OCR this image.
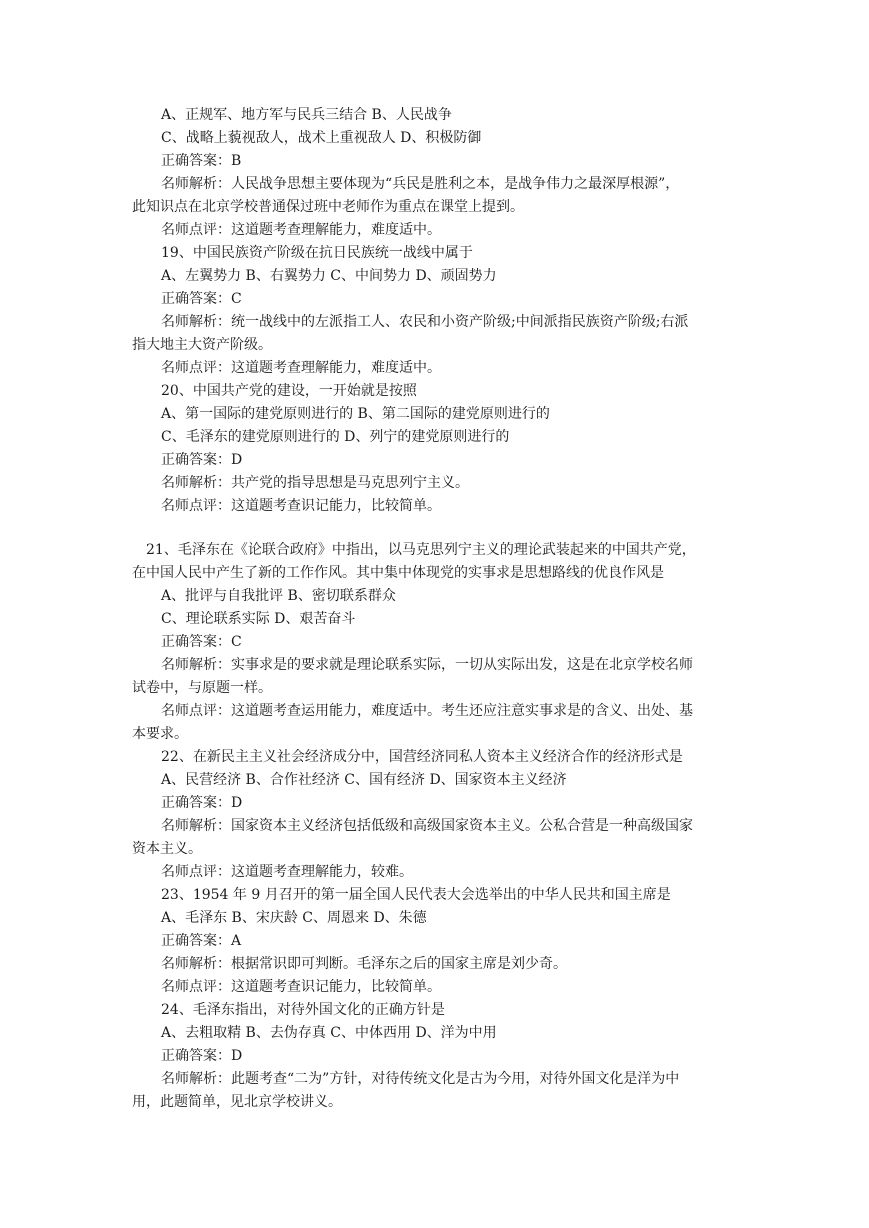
A、正规军、地方军与民兵三结合 B、人民战争
C、战略上藐视敌人，战术上重视敌人 D、积极防御
正确答案：B
名师解析：人民战争思想主要体现为“兵民是胜利之本，是战争伟力之最深厚根源”，
此知识点在北京学校普通保过班中老师作为重点在课堂上提到。
名师点评：这道题考查理解能力，难度适中。
19、中国民族资产阶级在抗日民族统一战线中属于
A、左翼势力 B、右翼势力 C、中间势力 D、顽固势力
正确答案：C
名师解析：统一战线中的左派指工人、农民和小资产阶级;中间派指民族资产阶级;右派
指大地主大资产阶级。
名师点评：这道题考查理解能力，难度适中。
20、中国共产党的建设，一开始就是按照
A、第一国际的建党原则进行的 B、第二国际的建党原则进行的
C、毛泽东的建党原则进行的 D、列宁的建党原则进行的
正确答案：D
名师解析：共产党的指导思想是马克思列宁主义。
名师点评：这道题考查识记能力，比较简单。
21、毛泽东在《论联合政府》中指出，以马克思列宁主义的理论武装起来的中国共产党，
在中国人民中产生了新的工作作风。其中集中体现党的实事求是思想路线的优良作风是
A、批评与自我批评 B、密切联系群众
C、理论联系实际 D、艰苦奋斗
正确答案：C
名师解析：实事求是的要求就是理论联系实际，一切从实际出发，这是在北京学校名师
试卷中，与原题一样。
名师点评：这道题考查运用能力，难度适中。考生还应注意实事求是的含义、出处、基
本要求。
22、在新民主主义社会经济成分中，国营经济同私人资本主义经济合作的经济形式是
A、民营经济 B、合作社经济 C、国有经济 D、国家资本主义经济
正确答案：D
名师解析：国家资本主义经济包括低级和高级国家资本主义。公私合营是一种高级国家
资本主义。
名师点评：这道题考查理解能力，较难。
23、1954 年 9 月召开的第一届全国人民代表大会选举出的中华人民共和国主席是
A、毛泽东 B、宋庆龄 C、周恩来 D、朱德
正确答案：A
名师解析：根据常识即可判断。毛泽东之后的国家主席是刘少奇。
名师点评：这道题考查识记能力，比较简单。
24、毛泽东指出，对待外国文化的正确方针是
A、去粗取精 B、去伪存真 C、中体西用 D、洋为中用
正确答案：D
名师解析：此题考查“二为”方针，对待传统文化是古为今用，对待外国文化是洋为中
用，此题简单，见北京学校讲义。
